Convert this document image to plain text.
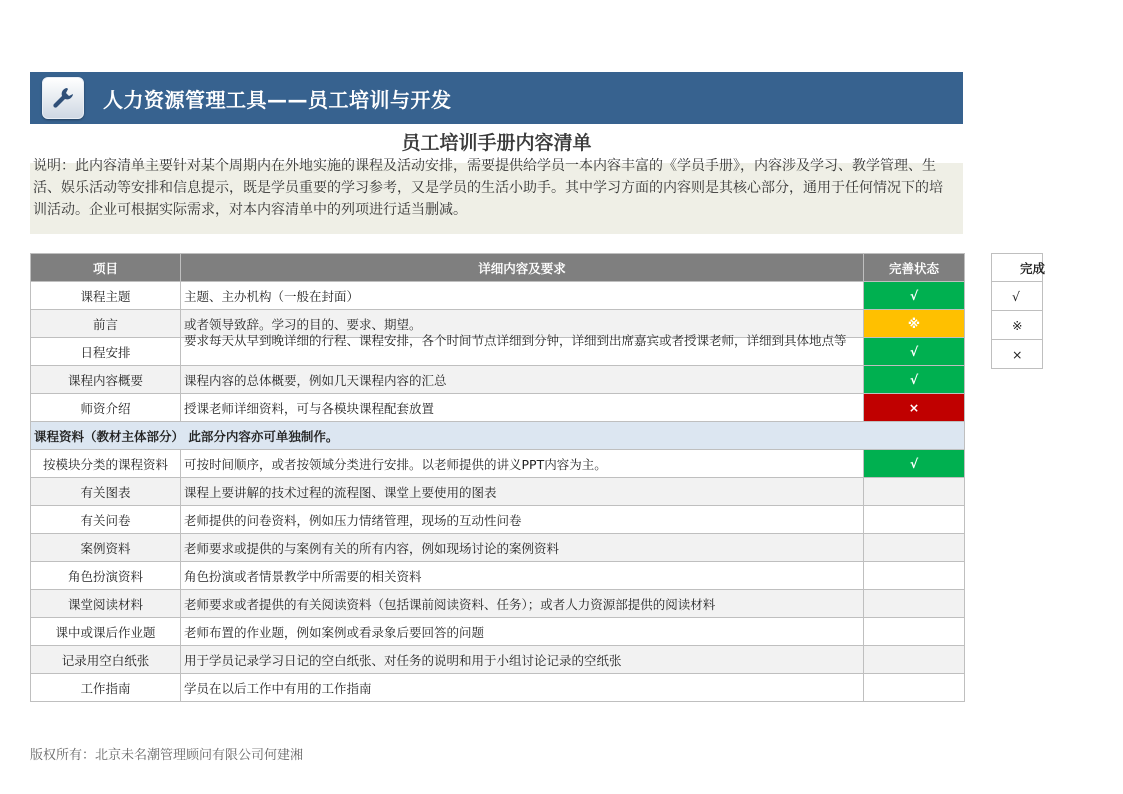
人力资源管理工具——员工培训与开发
员工培训手册内容清单
说明：此内容清单主要针对某个周期内在外地实施的课程及活动安排，需要提供给学员一本内容丰富的《学员手册》，内容涉及学习、教学管理、生活、娱乐活动等安排和信息提示，既是学员重要的学习参考，又是学员的生活小助手。其中学习方面的内容则是其核心部分，通用于任何情况下的培训活动。企业可根据实际需求，对本内容清单中的列项进行适当删减。
项目	详细内容及要求	完善状态
课程主题	主题、主办机构（一般在封面）	√
前言	或者领导致辞。学习的目的、要求、期望。	※
日程安排	要求每天从早到晚详细的行程、课程安排，各个时间节点详细到分钟，详细到出席嘉宾或者授课老师，详细到具体地点等	√
课程内容概要	课程内容的总体概要，例如几天课程内容的汇总	√
师资介绍	授课老师详细资料，可与各模块课程配套放置	×
课程资料（教材主体部分） 此部分内容亦可单独制作。		
按模块分类的课程资料	可按时间顺序，或者按领域分类进行安排。以老师提供的讲义PPT内容为主。	√
有关图表	课程上要讲解的技术过程的流程图、课堂上要使用的图表	
有关问卷	老师提供的问卷资料，例如压力情绪管理，现场的互动性问卷	
案例资料	老师要求或提供的与案例有关的所有内容，例如现场讨论的案例资料	
角色扮演资料	角色扮演或者情景教学中所需要的相关资料	
课堂阅读材料	老师要求或者提供的有关阅读资料（包括课前阅读资料、任务）；或者人力资源部提供的阅读材料	
课中或课后作业题	老师布置的作业题，例如案例或看录象后要回答的问题	
记录用空白纸张	用于学员记录学习日记的空白纸张、对任务的说明和用于小组讨论记录的空纸张	
工作指南	学员在以后工作中有用的工作指南	
完成
√
※
×
版权所有：北京未名潮管理顾问有限公司何建湘
